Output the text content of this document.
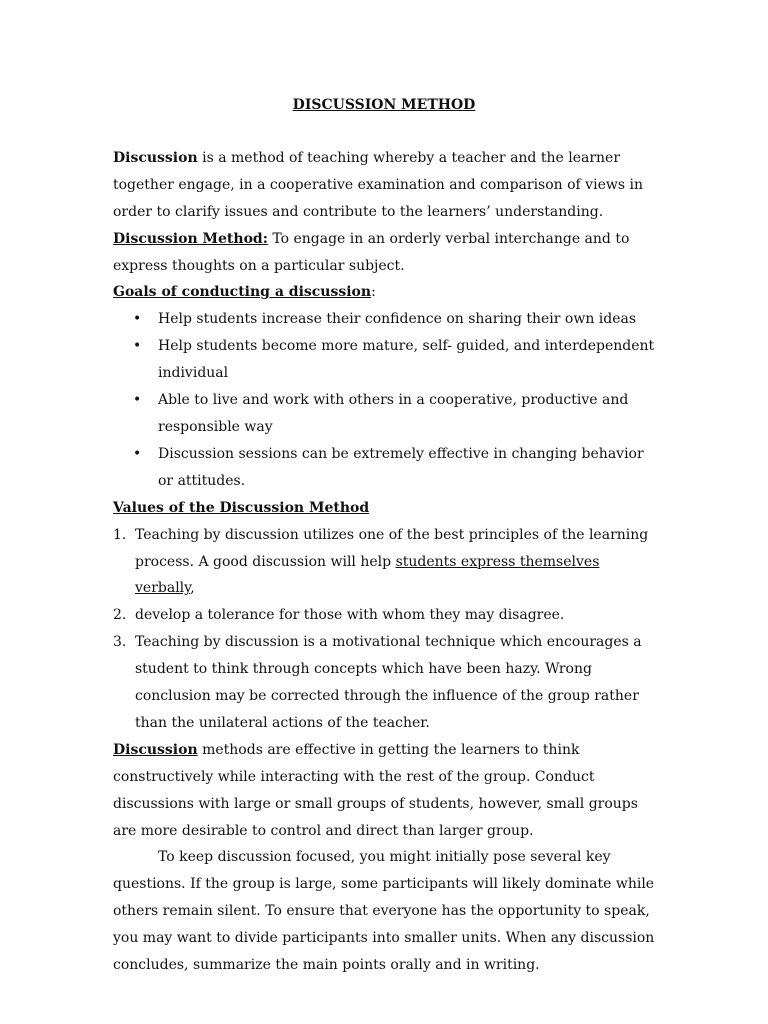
DISCUSSION METHOD

Discussion is a method of teaching whereby a teacher and the learner together engage, in a cooperative examination and comparison of views in order to clarify issues and contribute to the learners’ understanding.

Discussion Method: To engage in an orderly verbal interchange and to express thoughts on a particular subject.

Goals of conducting a discussion:

• Help students increase their confidence on sharing their own ideas
• Help students become more mature, self- guided, and interdependent individual
• Able to live and work with others in a cooperative, productive and responsible way
• Discussion sessions can be extremely effective in changing behavior or attitudes.

Values of the Discussion Method

1. Teaching by discussion utilizes one of the best principles of the learning process. A good discussion will help students express themselves verbally,
2. develop a tolerance for those with whom they may disagree.
3. Teaching by discussion is a motivational technique which encourages a student to think through concepts which have been hazy. Wrong conclusion may be corrected through the influence of the group rather than the unilateral actions of the teacher.

Discussion methods are effective in getting the learners to think constructively while interacting with the rest of the group. Conduct discussions with large or small groups of students, however, small groups are more desirable to control and direct than larger group.

To keep discussion focused, you might initially pose several key questions. If the group is large, some participants will likely dominate while others remain silent. To ensure that everyone has the opportunity to speak, you may want to divide participants into smaller units. When any discussion concludes, summarize the main points orally and in writing.
